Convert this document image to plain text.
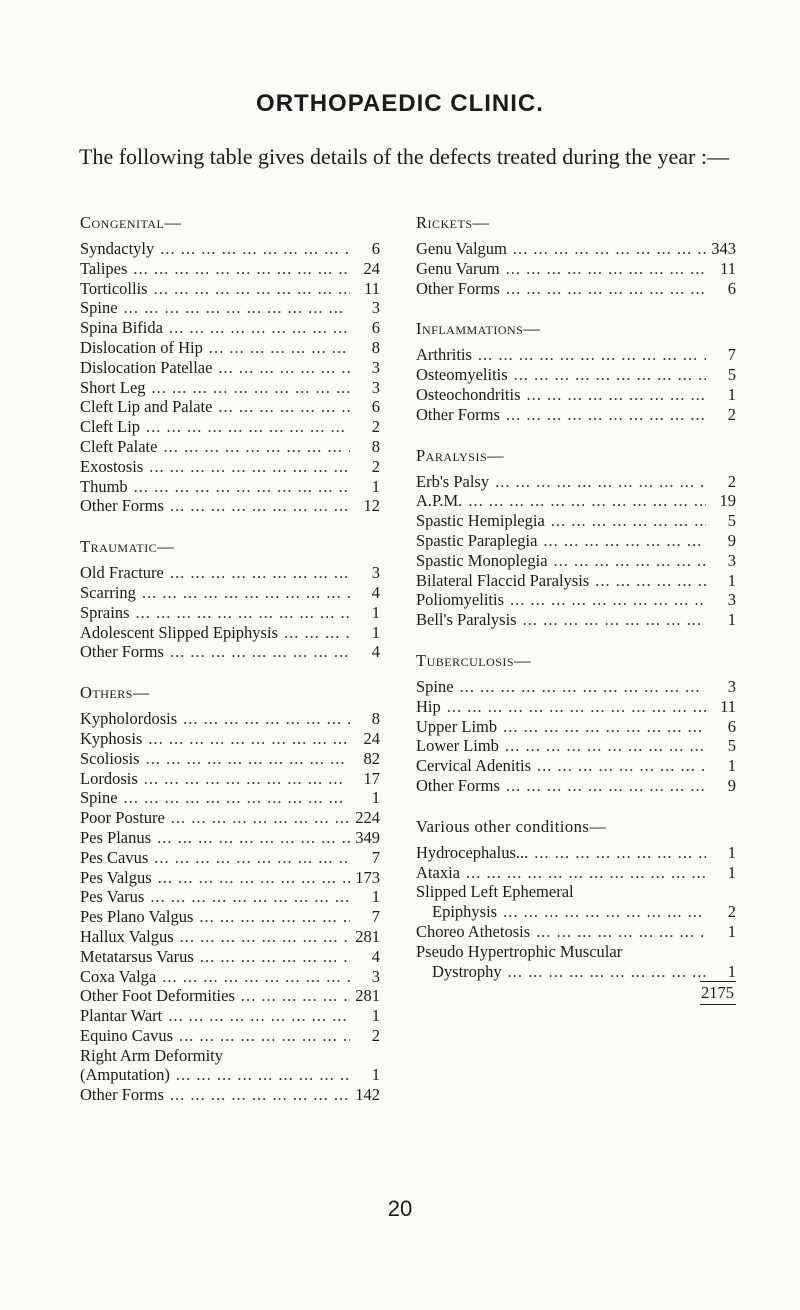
ORTHOPAEDIC CLINIC.
The following table gives details of the defects treated during the year :—
Congenital—
Syndactyly ... .	6
Talipes ... .	24
Torticollis ... .	11
Spine ... .	3
Spina Bifida ... .	6
Dislocation of Hip ... .	8
Dislocation Patellae ... .	3
Short Leg ... .	3
Cleft Lip and Palate ... .	6
Cleft Lip ... .	2
Cleft Palate ... .	8
Exostosis ... .	2
Thumb ... .	1
Other Forms ... .	12
Traumatic—
Old Fracture ... .	3
Scarring ... .	4
Sprains ... .	1
Adolescent Slipped Epiphysis ... .	1
Other Forms ... .	4
Others—
Kypholordosis ... .	8
Kyphosis ... .	24
Scoliosis ... .	82
Lordosis ... .	17
Spine ... .	1
Poor Posture ... .	224
Pes Planus ... .	349
Pes Cavus ... .	7
Pes Valgus ... .	173
Pes Varus ... .	1
Pes Plano Valgus ... .	7
Hallux Valgus ... .	281
Metatarsus Varus ... .	4
Coxa Valga ... .	3
Other Foot Deformities ... .	281
Plantar Wart ... .	1
Equino Cavus ... .	2
Right Arm Deformity
(Amputation) ... .	1
Other Forms ... .	142
Rickets—
Genu Valgum ... .	343
Genu Varum ... .	11
Other Forms ... .	6
Inflammations—
Arthritis ... .	7
Osteomyelitis ... .	5
Osteochondritis ... .	1
Other Forms ... .	2
Paralysis—
Erb's Palsy ... .	2
A.P.M. ... .	19
Spastic Hemiplegia ... .	5
Spastic Paraplegia ... .	9
Spastic Monoplegia ... .	3
Bilateral Flaccid Paralysis ... .	1
Poliomyelitis ... .	3
Bell's Paralysis ... .	1
Tuberculosis—
Spine ... .	3
Hip ... .	11
Upper Limb ... .	6
Lower Limb ... .	5
Cervical Adenitis ... .	1
Other Forms ... .	9
Various other conditions—
Hydrocephalus... ... .	1
Ataxia ... .	1
Slipped Left Ephemeral
Epiphysis ... .	2
Choreo Athetosis ... .	1
Pseudo Hypertrophic Muscular
Dystrophy ... .	1
2175
20
